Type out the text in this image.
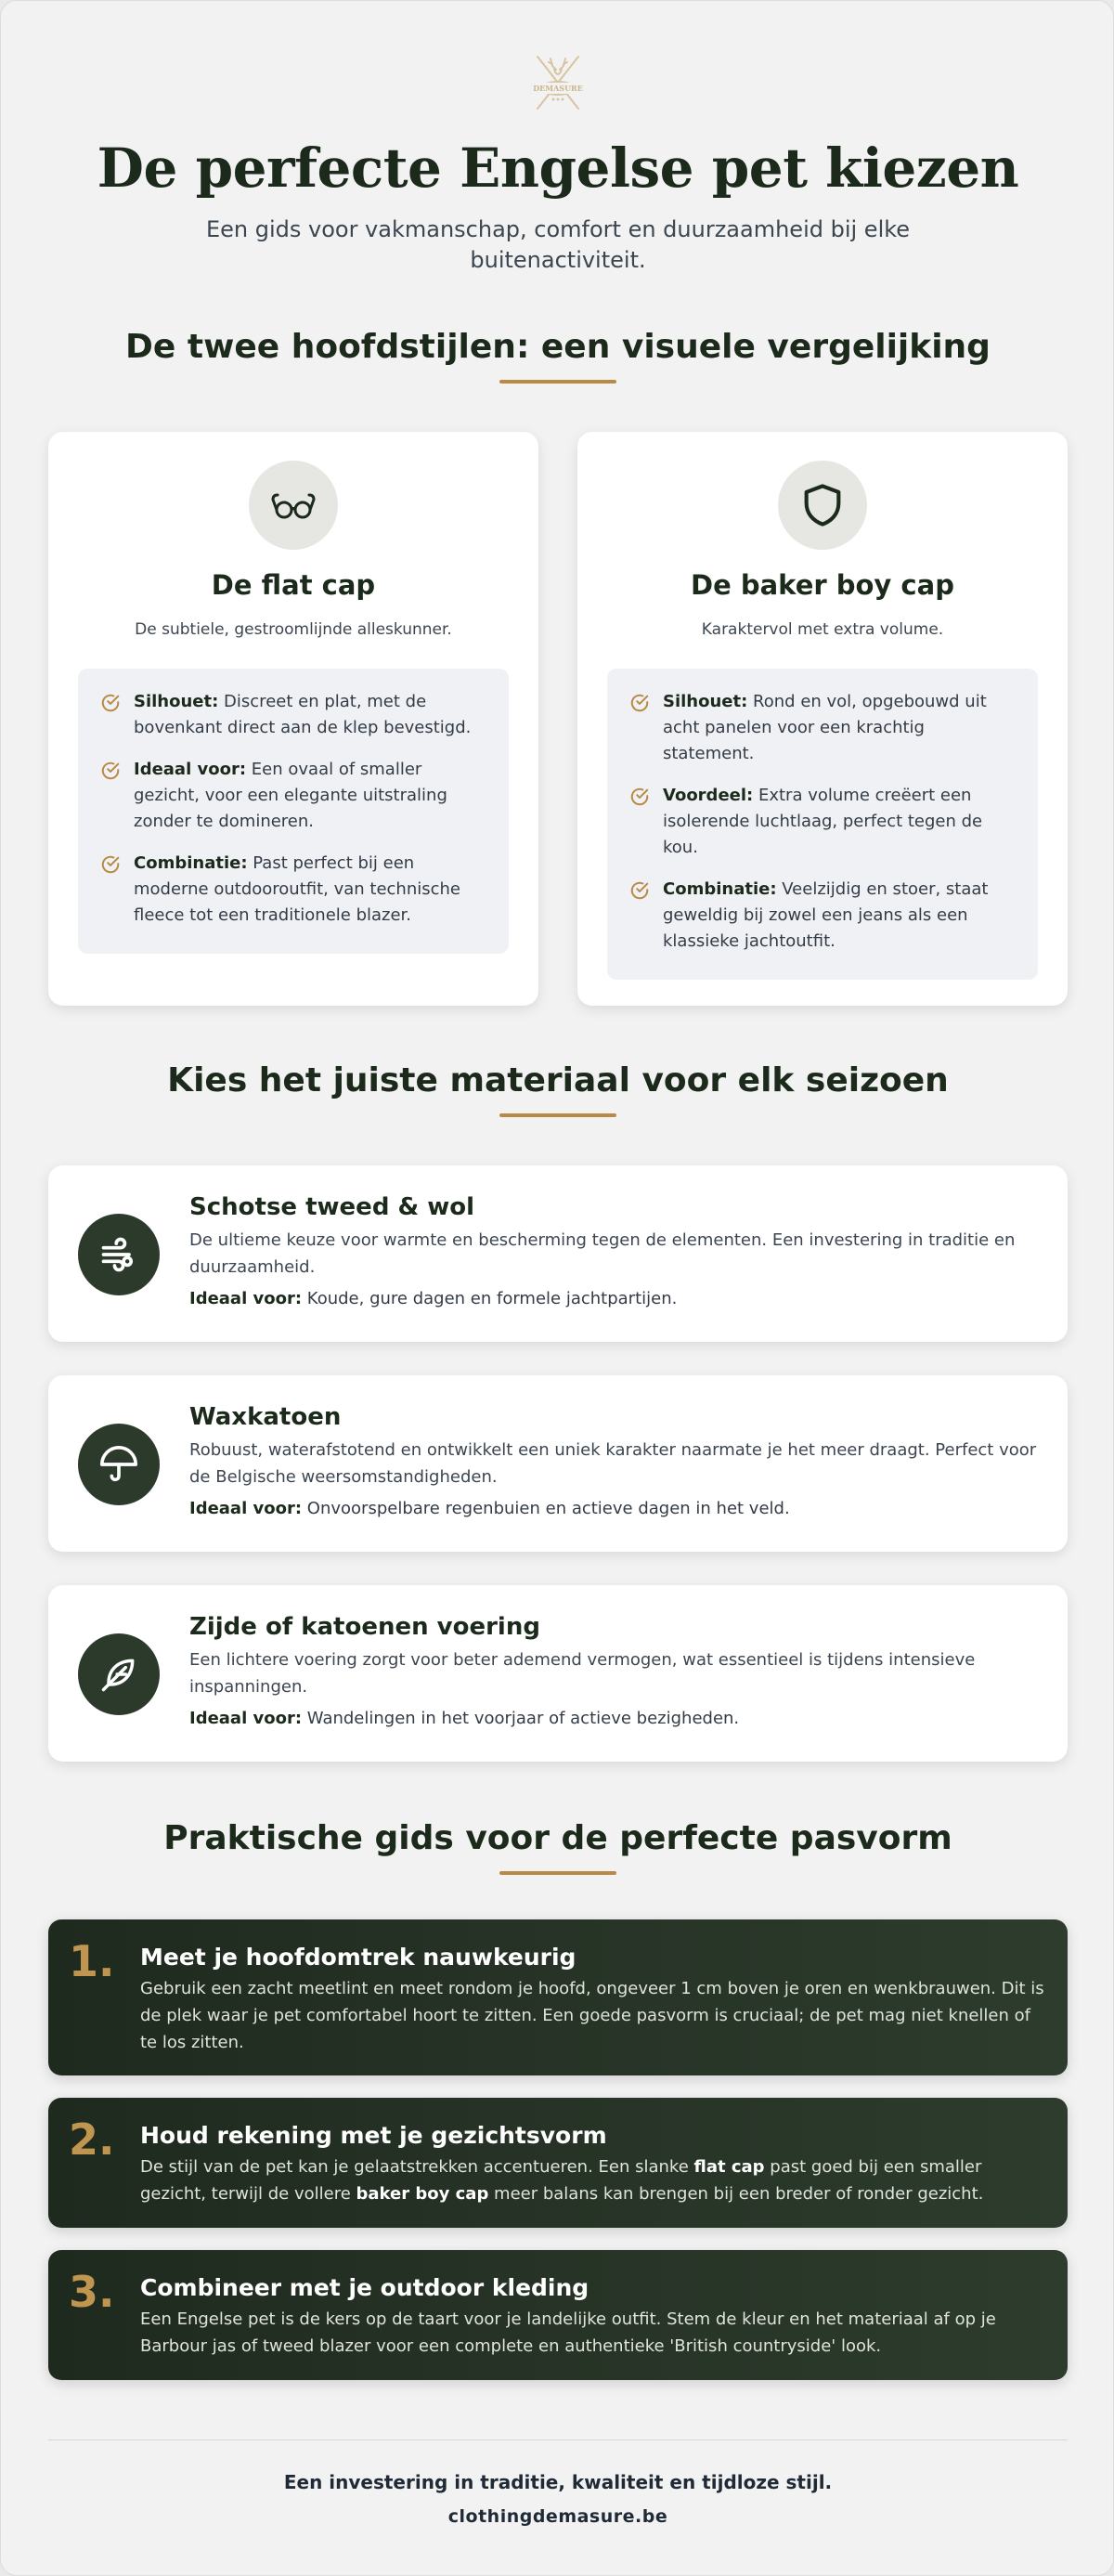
DEMASURE
De perfecte Engelse pet kiezen

Een gids voor vakmanschap, comfort en duurzaamheid bij elke buitenactiviteit.

De twee hoofdstijlen: een visuele vergelijking
De flat cap

De subtiele, gestroomlijnde alleskunner.

Silhouet: Discreet en plat, met de bovenkant direct aan de klep bevestigd.
Ideaal voor: Een ovaal of smaller gezicht, voor een elegante uitstraling zonder te domineren.
Combinatie: Past perfect bij een moderne outdooroutfit, van technische fleece tot een traditionele blazer.
De baker boy cap

Karaktervol met extra volume.

Silhouet: Rond en vol, opgebouwd uit acht panelen voor een krachtig statement.
Voordeel: Extra volume creëert een isolerende luchtlaag, perfect tegen de kou.
Combinatie: Veelzijdig en stoer, staat geweldig bij zowel een jeans als een klassieke jachtoutfit.
Kies het juiste materiaal voor elk seizoen
Schotse tweed & wol

De ultieme keuze voor warmte en bescherming tegen de elementen. Een investering in traditie en duurzaamheid.

Ideaal voor: Koude, gure dagen en formele jachtpartijen.

Waxkatoen

Robuust, waterafstotend en ontwikkelt een uniek karakter naarmate je het meer draagt. Perfect voor de Belgische weersomstandigheden.

Ideaal voor: Onvoorspelbare regenbuien en actieve dagen in het veld.

Zijde of katoenen voering

Een lichtere voering zorgt voor beter ademend vermogen, wat essentieel is tijdens intensieve inspanningen.

Ideaal voor: Wandelingen in het voorjaar of actieve bezigheden.

Praktische gids voor de perfecte pasvorm
1. Meet je hoofdomtrek nauwkeurig

Gebruik een zacht meetlint en meet rondom je hoofd, ongeveer 1 cm boven je oren en wenkbrauwen. Dit is de plek waar je pet comfortabel hoort te zitten. Een goede pasvorm is cruciaal; de pet mag niet knellen of te los zitten.

2. Houd rekening met je gezichtsvorm

De stijl van de pet kan je gelaatstrekken accentueren. Een slanke flat cap past goed bij een smaller gezicht, terwijl de vollere baker boy cap meer balans kan brengen bij een breder of ronder gezicht.

3. Combineer met je outdoor kleding

Een Engelse pet is de kers op de taart voor je landelijke outfit. Stem de kleur en het materiaal af op je Barbour jas of tweed blazer voor een complete en authentieke 'British countryside' look.

Een investering in traditie, kwaliteit en tijdloze stijl.

clothingdemasure.be
